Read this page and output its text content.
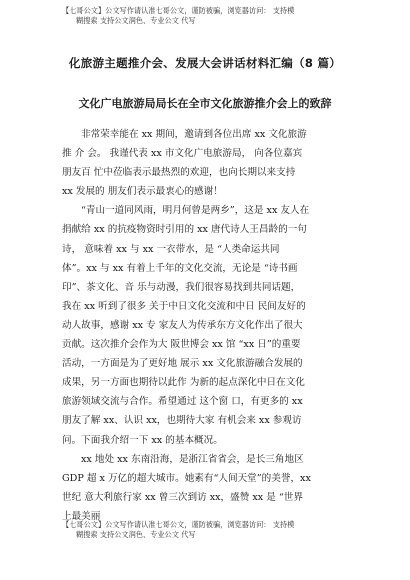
【七哥公文】公文写作请认准七哥公文，谨防被骗，浏览器访问： 支持模
糊搜索 支持公文润色、专业公文 代写
化旅游主题推介会、发展大会讲话材料汇编（8 篇）
文化广电旅游局局长在全市文化旅游推介会上的致辞
非常荣幸能在 xx 期间，邀请到各位出席 xx 文化旅游
推 介 会。 我谨代表 xx 市文化广电旅游局， 向各位嘉宾
朋友百 忙中莅临表示最热烈的欢迎，也向长期以来支持
xx 发展的 朋友们表示最衷心的感谢！
“青山一道同风雨，明月何曾是两乡”，这是 xx 友人在
捐献给 xx 的抗疫物资时引用的 xx 唐代诗人王昌龄的一句
诗， 意味着 xx 与 xx 一衣带水，是 “人类命运共同
体”。xx 与 xx 有着上千年的文化交流，无论是 “诗书画
印”、茶文化、音 乐与动漫，我们很容易找到共同话题，
我在 xx 听到了很多 关于中日文化交流和中日 民间友好的
动人故事，感谢 xx 专 家友人为传承东方文化作出了很大
贡献。这次推介会作为大 阪世博会 xx 馆 “xx 日”的重要
活动，一方面是为了更好地 展示 xx 文化旅游融合发展的
成果，另一方面也期待以此作 为新的起点深化中日在文化
旅游领域交流与合作。希望通过 这个窗 口，有更多的 xx
朋友了解 xx、认识 xx，也期待大家 有机会来 xx 参观访
问。下面我介绍一下 xx 的基本概况。
xx 地处 xx 东南沿海，是浙江省省会，是长三角地区
GDP 超 x 万亿的超大城市。她素有“人间天堂”的美誉，xx
世纪 意大利旅行家 xx 曾三次到访 xx，盛赞 xx 是 “世界
上最美丽
【七哥公文】公文写作请认准七哥公文，谨防被骗，浏览器访问： 支持模
糊搜索 支持公文润色、专业公文 代写
